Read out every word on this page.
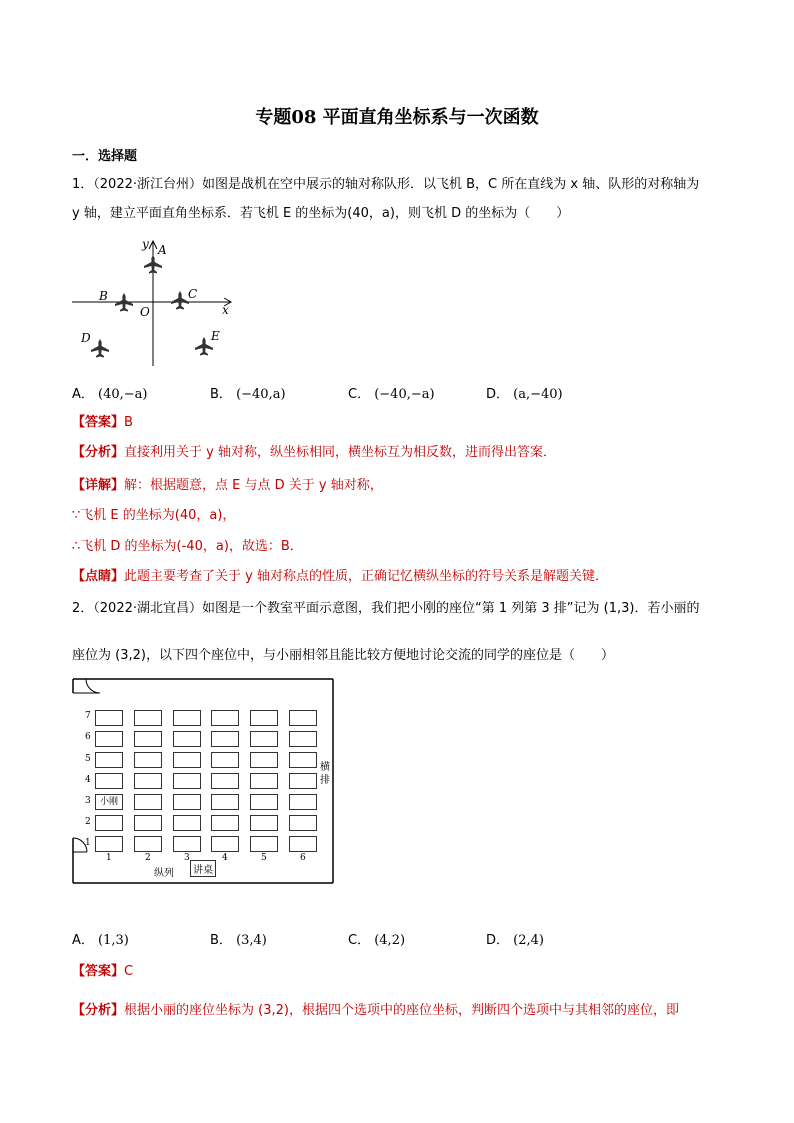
专题08 平面直角坐标系与一次函数
一．选择题
1．（2022·浙江台州）如图是战机在空中展示的轴对称队形．以飞机 B，C 所在直线为 x 轴、队形的对称轴为
y 轴，建立平面直角坐标系．若飞机 E 的坐标为(40，a)，则飞机 D 的坐标为（　　）
y
x
O
A
B	C
D	E
A． (40,−a)	B． (−40,a)	C． (−40,−a)	D． (a,−40)
【答案】B
【分析】直接利用关于 y 轴对称，纵坐标相同，横坐标互为相反数，进而得出答案．
【详解】解：根据题意，点 E 与点 D 关于 y 轴对称，
∵飞机 E 的坐标为(40，a)，
∴飞机 D 的坐标为(-40，a)，故选：B．
【点睛】此题主要考查了关于 y 轴对称点的性质，正确记忆横纵坐标的符号关系是解题关键．
2．（2022·湖北宜昌）如图是一个教室平面示意图，我们把小刚的座位“第 1 列第 3 排”记为 (1,3)．若小丽的
座位为 (3,2)，以下四个座位中，与小丽相邻且能比较方便地讨论交流的同学的座位是（　　）
7
6
5
4
3
2
1
小刚
1	2	3	4	5	6
纵列	讲桌
横
排
A． (1,3)	B． (3,4)	C． (4,2)	D． (2,4)
【答案】C
【分析】根据小丽的座位坐标为 (3,2)，根据四个选项中的座位坐标，判断四个选项中与其相邻的座位，即
